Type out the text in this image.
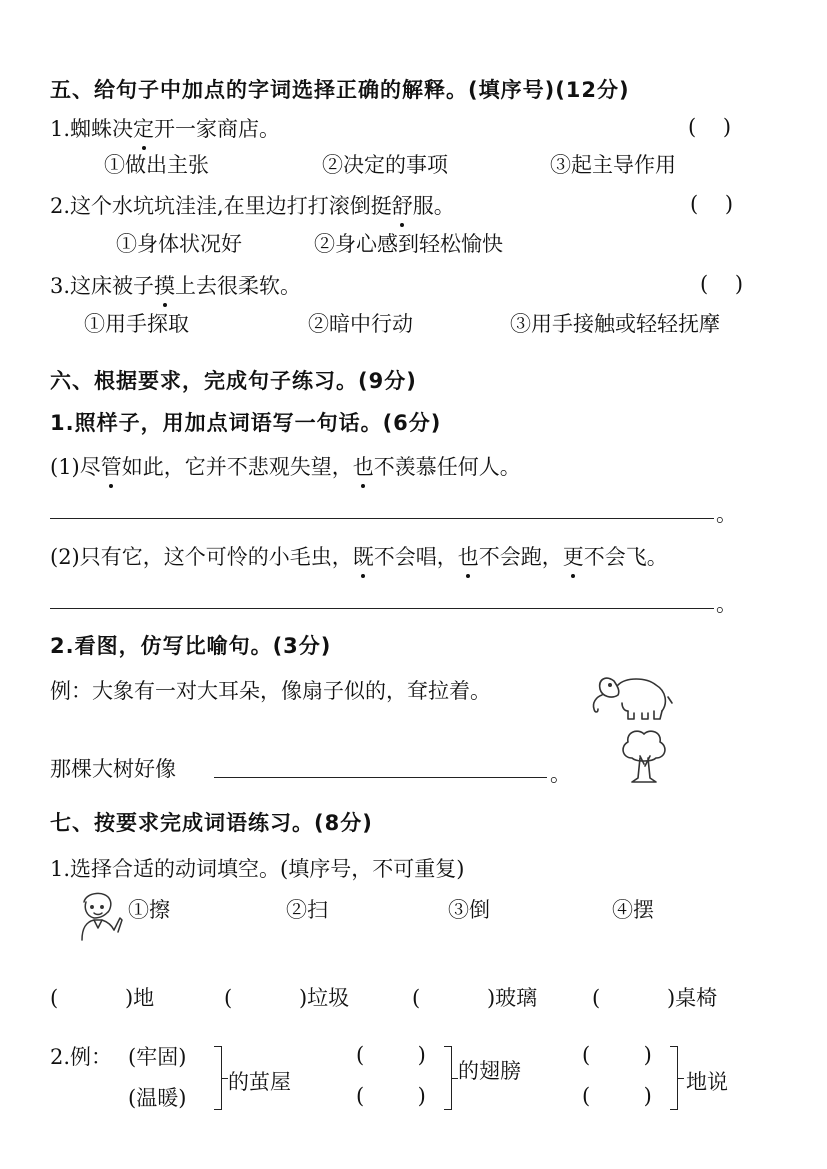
五、给句子中加点的字词选择正确的解释。(填序号)(12分)
1.蜘蛛决定开一家商店。	(    )
①做出主张	②决定的事项	③起主导作用
2.这个水坑坑洼洼,在里边打打滚倒挺舒服。	(    )
①身体状况好	②身心感到轻松愉快
3.这床被子摸上去很柔软。	(    )
①用手探取	②暗中行动	③用手接触或轻轻抚摩
六、根据要求，完成句子练习。(9分)
1.照样子，用加点词语写一句话。(6分)
(1)尽管如此，它并不悲观失望，也不羡慕任何人。
。
(2)只有它，这个可怜的小毛虫，既不会唱，也不会跑，更不会飞。
。
2.看图，仿写比喻句。(3分)
例：大象有一对大耳朵，像扇子似的，耷拉着。
那棵大树好像	。
七、按要求完成词语练习。(8分)
1.选择合适的动词填空。(填序号，不可重复)
①擦	②扫	③倒	④摆
(          )地	(          )垃圾	(          )玻璃	(          )桌椅
2.例： (牢固)
(温暖)
的茧屋
(        )
(        )
的翅膀
(        )
(        )
地说
